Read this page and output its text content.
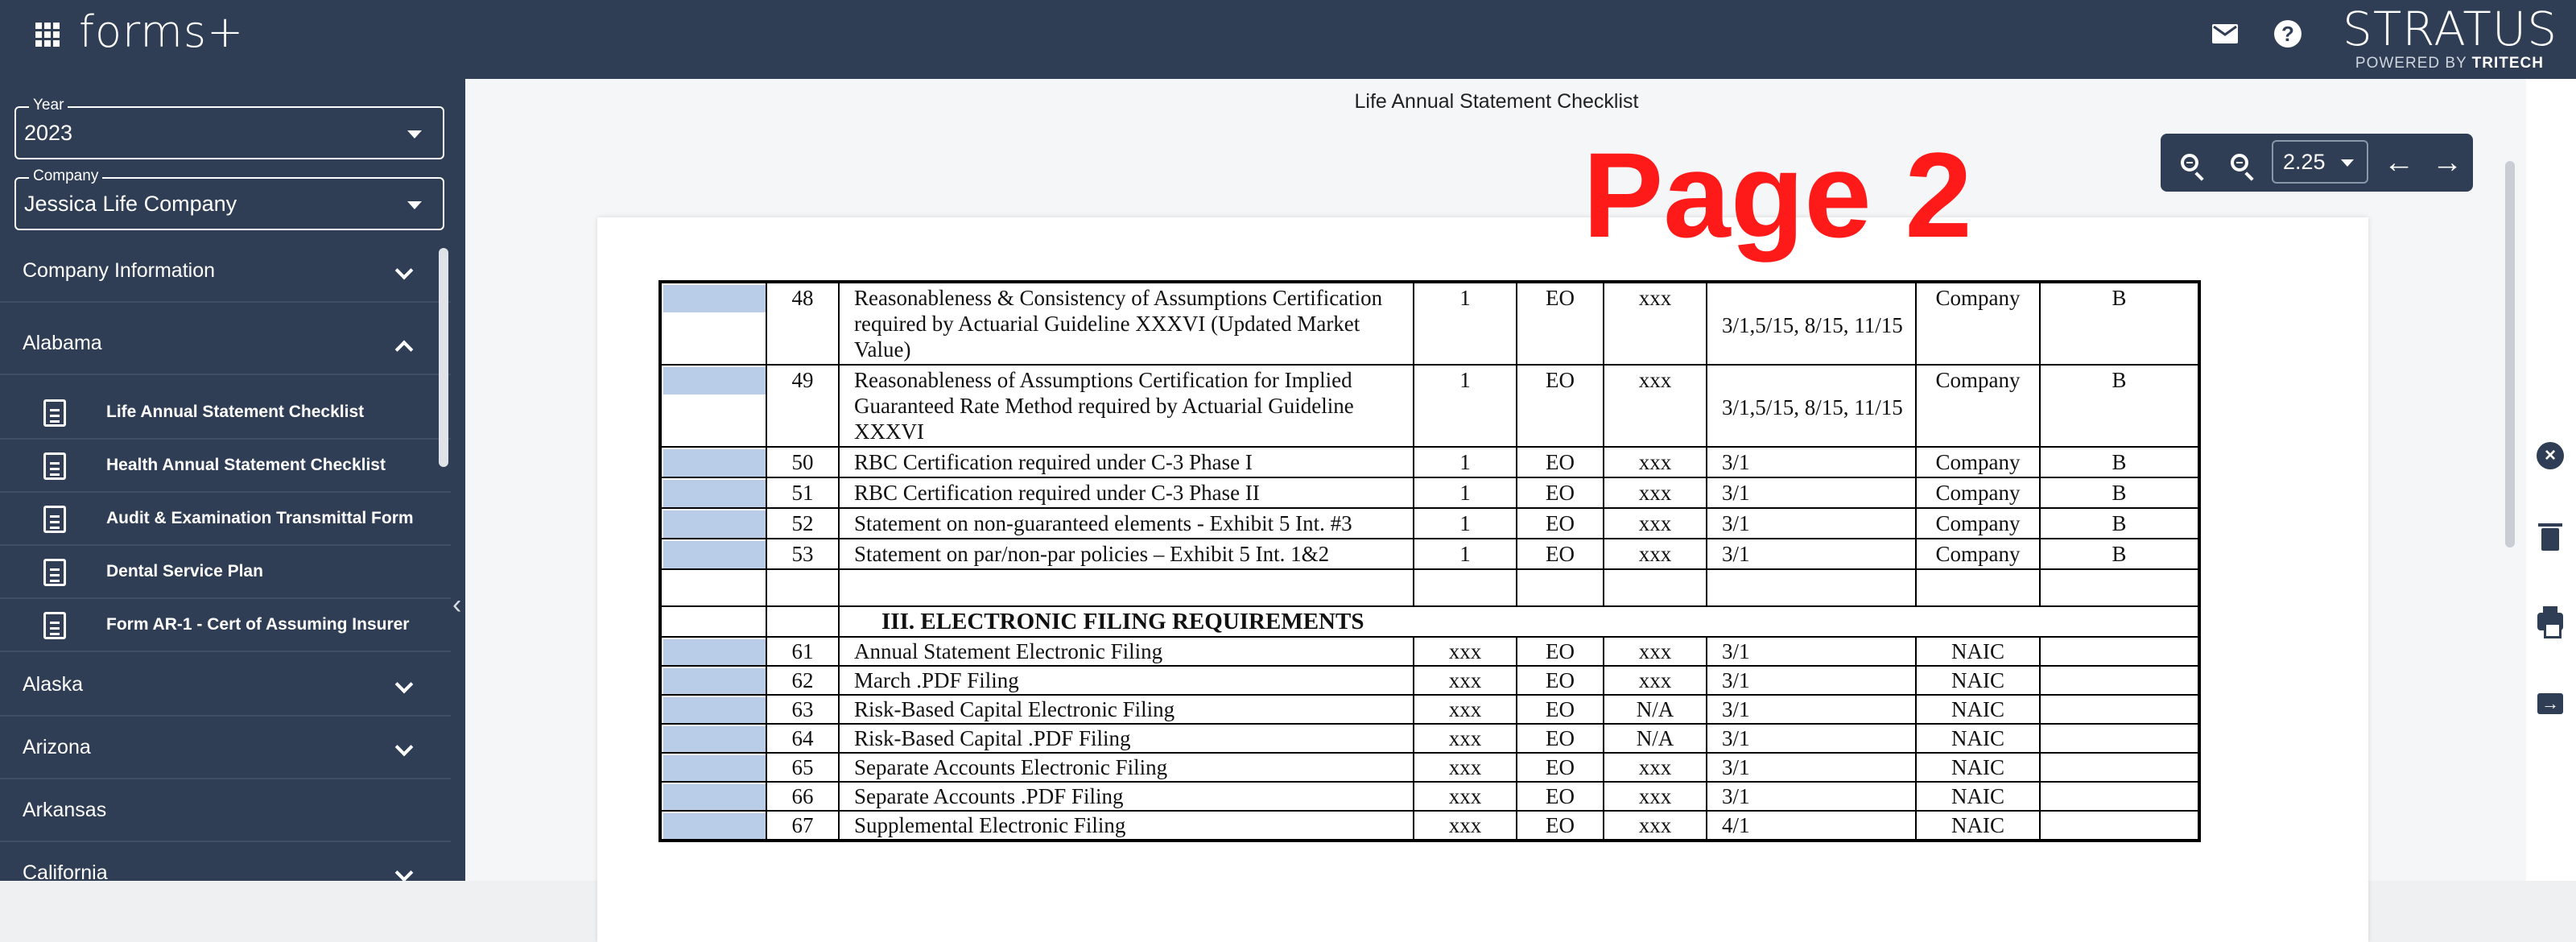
forms+	? STRATUS
POWERED BY TRITECH
Year
2023
Company
Jessica Life Company
Company Information
Alabama
Life Annual Statement Checklist
Health Annual Statement Checklist
Audit & Examination Transmittal Form
Dental Service Plan
Form AR-1 - Cert of Assuming Insurer
Alaska
Arizona
Arkansas
California
‹
Life Annual Statement Checklist
	48	Reasonableness & Consistency of Assumptions Certification required by Actuarial Guideline XXXVI (Updated Market Value)	1	EO	xxx	3/1,5/15, 8/15, 11/15	Company	B

	49	Reasonableness of Assumptions Certification for Implied Guaranteed Rate Method required by Actuarial Guideline XXXVI	1	EO	xxx	3/1,5/15, 8/15, 11/15	Company	B

	50	RBC Certification required under C-3 Phase I	1	EO	xxx	3/1	Company	B

	51	RBC Certification required under C-3 Phase II	1	EO	xxx	3/1	Company	B

	52	Statement on non-guaranteed elements - Exhibit 5 Int. #3	1	EO	xxx	3/1	Company	B

	53	Statement on par/non-par policies – Exhibit 5 Int. 1&2	1	EO	xxx	3/1	Company	B

		III. ELECTRONIC FILING REQUIREMENTS						

	61	Annual Statement Electronic Filing	xxx	EO	xxx	3/1	NAIC	

	62	March .PDF Filing	xxx	EO	xxx	3/1	NAIC	

	63	Risk-Based Capital Electronic Filing	xxx	EO	N/A	3/1	NAIC	

	64	Risk-Based Capital .PDF Filing	xxx	EO	N/A	3/1	NAIC	

	65	Separate Accounts Electronic Filing	xxx	EO	xxx	3/1	NAIC	

	66	Separate Accounts .PDF Filing	xxx	EO	xxx	3/1	NAIC	

	67	Supplemental Electronic Filing	xxx	EO	xxx	4/1	NAIC	
Page 2	2.25	← →
×
→
